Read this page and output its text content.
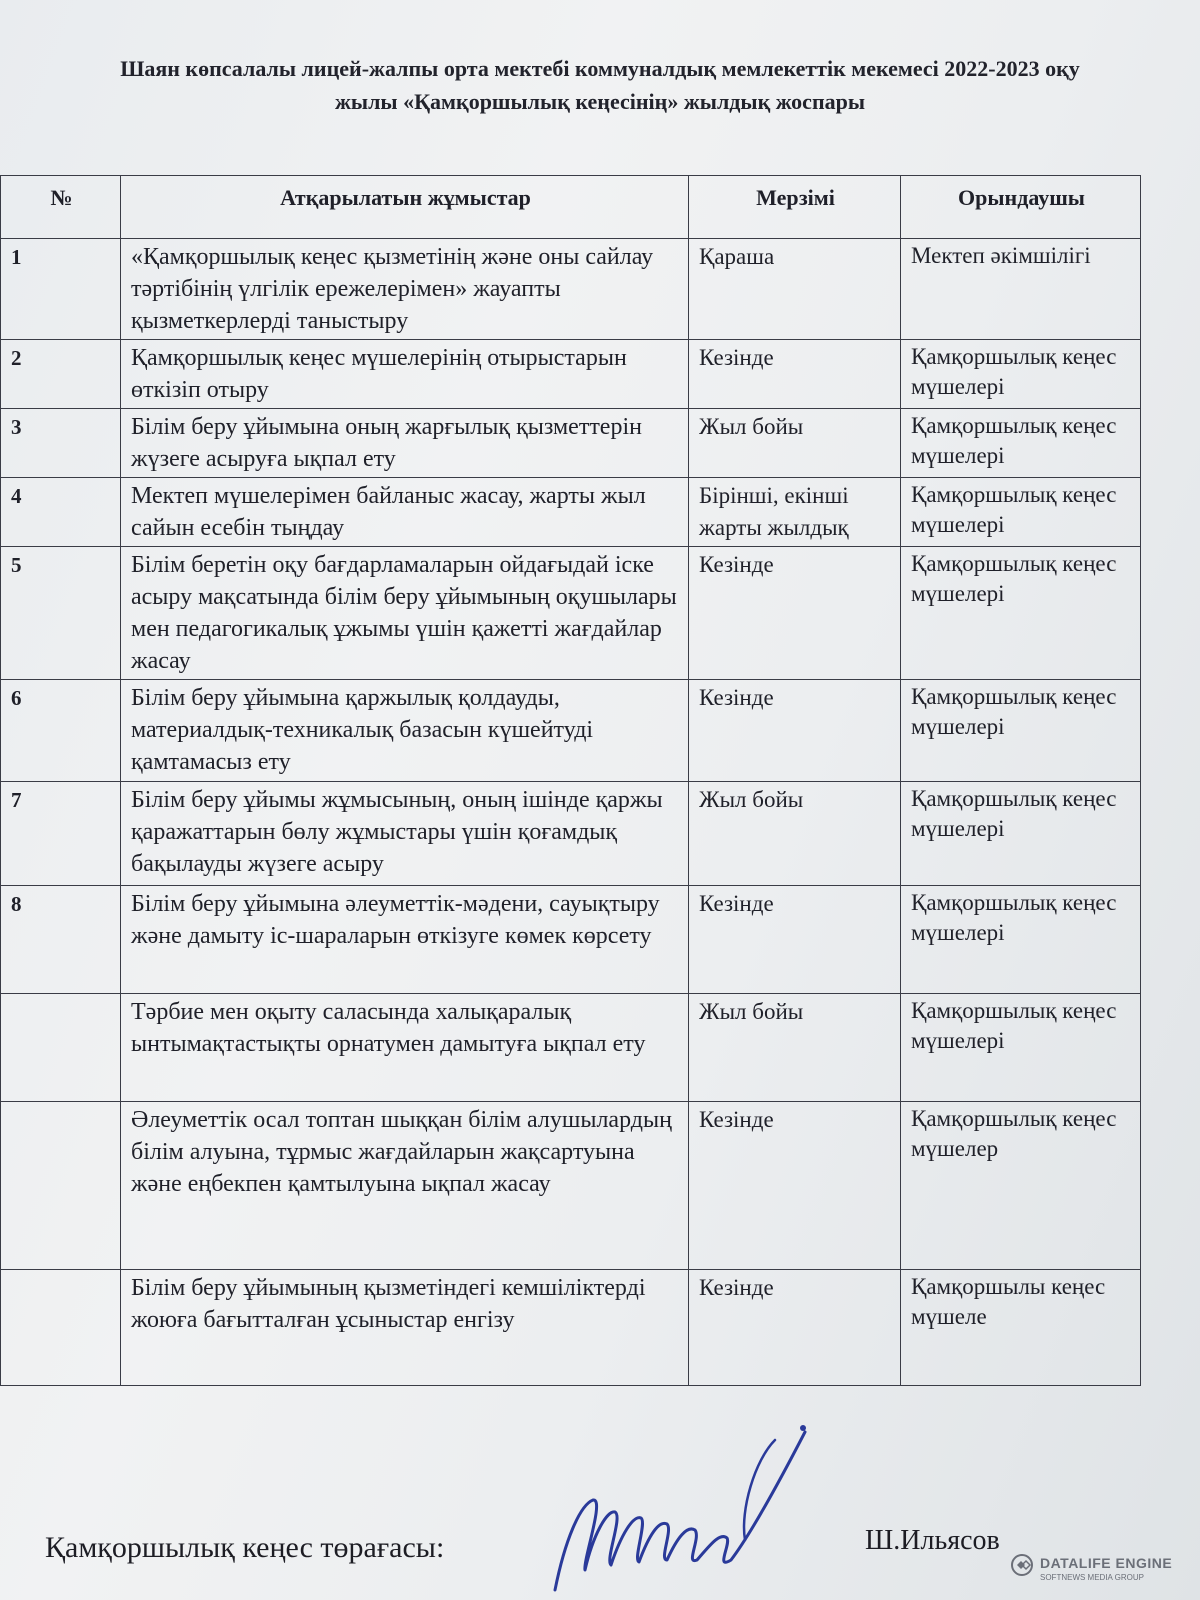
Шаян көпсалалы лицей-жалпы орта мектебі коммуналдық мемлекеттік мекемесі 2022-2023 оқу жылы «Қамқоршылық кеңесінің» жылдық жоспары
№	Атқарылатын жұмыстар	Мерзімі	Орындаушы
1	«Қамқоршылық кеңес қызметінің және оны сайлау тәртібінің үлгілік ережелерімен» жауапты қызметкерлерді таныстыру	Қараша	Мектеп әкімшілігі
2	Қамқоршылық кеңес мүшелерінің отырыстарын өткізіп отыру	Кезінде	Қамқоршылық кеңес мүшелері
3	Білім беру ұйымына оның жарғылық қызметтерін жүзеге асыруға ықпал ету	Жыл бойы	Қамқоршылық кеңес мүшелері
4	Мектеп мүшелерімен байланыс жасау, жарты жыл сайын есебін тыңдау	Бірінші, екінші жарты жылдық	Қамқоршылық кеңес мүшелері
5	Білім беретін оқу бағдарламаларын ойдағыдай іске асыру мақсатында білім беру ұйымының оқушылары мен педагогикалық ұжымы үшін қажетті жағдайлар жасау	Кезінде	Қамқоршылық кеңес мүшелері
6	Білім беру ұйымына қаржылық қолдауды, материалдық-техникалық базасын күшейтуді қамтамасыз ету	Кезінде	Қамқоршылық кеңес мүшелері
7	Білім беру ұйымы жұмысының, оның ішінде қаржы қаражаттарын бөлу жұмыстары үшін қоғамдық бақылауды жүзеге асыру	Жыл бойы	Қамқоршылық кеңес мүшелері
8	Білім беру ұйымына әлеуметтік-мәдени, сауықтыру және дамыту іс-шараларын өткізуге көмек көрсету	Кезінде	Қамқоршылық кеңес мүшелері
	Тәрбие мен оқыту саласында халықаралық ынтымақтастықты орнатумен дамытуға ықпал ету	Жыл бойы	Қамқоршылық кеңес мүшелері
	Әлеуметтік осал топтан шыққан білім алушылардың білім алуына, тұрмыс жағдайларын жақсартуына және еңбекпен қамтылуына ықпал жасау	Кезінде	Қамқоршылық кеңес мүшелер
	Білім беру ұйымының қызметіндегі кемшіліктерді жоюға бағытталған ұсыныстар енгізу	Кезінде	Қамқоршылы кеңес мүшеле
Қамқоршылық кеңес төрағасы:	Ш.Ильясов
DATALIFE ENGINE
SOFTNEWS MEDIA GROUP
